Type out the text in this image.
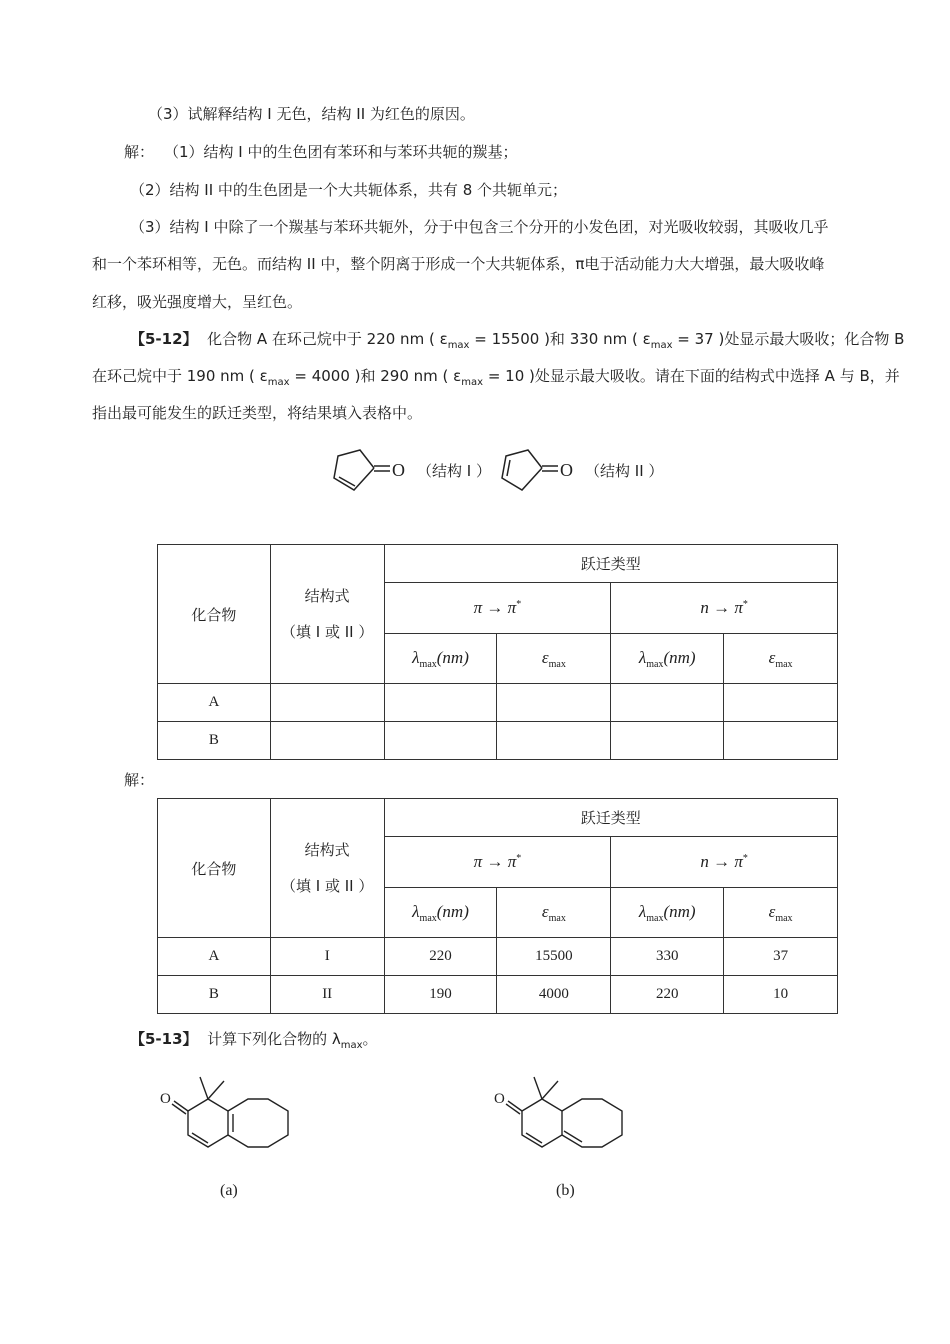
（3）试解释结构 I 无色，结构 II 为红色的原因。
解： （1）结构 I 中的生色团有苯环和与苯环共轭的羰基；
（2）结构 II 中的生色团是一个大共轭体系，共有 8 个共轭单元；
（3）结构 I 中除了一个羰基与苯环共轭外，分于中包含三个分开的小发色团，对光吸收较弱，其吸收几乎
和一个苯环相等，无色。而结构 II 中，整个阴离于形成一个大共轭体系，π电于活动能力大大增强，最大吸收峰
红移，吸光强度增大，呈红色。
【5-12】 化合物 A 在环己烷中于 220 nm ( $\varepsilon_{max} = 15500$ )和 330 nm ( $\varepsilon_{max} = 37$ )处显示最大吸收；化合物 B
在环己烷中于 190 nm ( $\varepsilon_{max} = 4000$ )和 290 nm ( $\varepsilon_{max} = 10$ )处显示最大吸收。请在下面的结构式中选择 A 与 B，并
指出最可能发生的跃迁类型，将结果填入表格中。
O （结构 I ）	O （结构 II ）
化合物	结构式
（填 I 或 II ）	跃迁类型			
		π → π*		n → π*
		$\lambda_{max}(nm)$	$\varepsilon_{max}$	$\lambda_{max}(nm)$	$\varepsilon_{max}$
A					
B					
解：
化合物	结构式
（填 I 或 II ）	跃迁类型			
		π → π*		n → π*
		$\lambda_{max}(nm)$	$\varepsilon_{max}$	$\lambda_{max}(nm)$	$\varepsilon_{max}$
A	I	220	15500	330	37
B	II	190	4000	220	10
【5-13】 计算下列化合物的 $\lambda_{max}$。
O
(a)
O
(b)
